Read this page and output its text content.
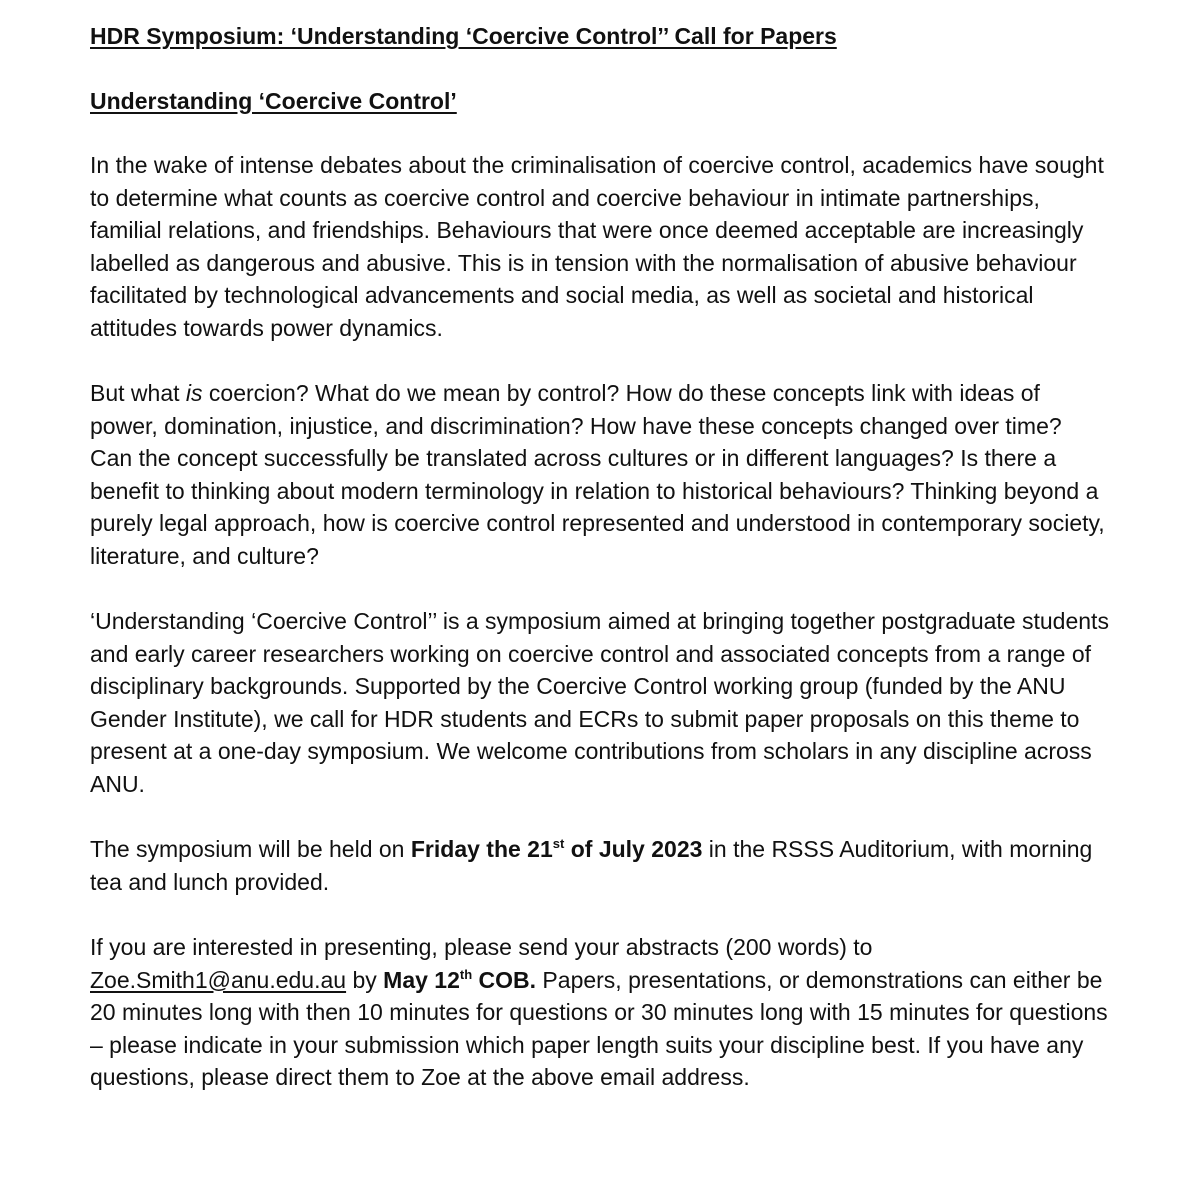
HDR Symposium: ‘Understanding ‘Coercive Control’’ Call for Papers

Understanding ‘Coercive Control’

In the wake of intense debates about the criminalisation of coercive control, academics have sought to determine what counts as coercive control and coercive behaviour in intimate partnerships, familial relations, and friendships. Behaviours that were once deemed acceptable are increasingly labelled as dangerous and abusive. This is in tension with the normalisation of abusive behaviour facilitated by technological advancements and social media, as well as societal and historical attitudes towards power dynamics.

But what is coercion? What do we mean by control? How do these concepts link with ideas of power, domination, injustice, and discrimination? How have these concepts changed over time? Can the concept successfully be translated across cultures or in different languages? Is there a benefit to thinking about modern terminology in relation to historical behaviours? Thinking beyond a purely legal approach, how is coercive control represented and understood in contemporary society, literature, and culture?

‘Understanding ‘Coercive Control’’ is a symposium aimed at bringing together postgraduate students and early career researchers working on coercive control and associated concepts from a range of disciplinary backgrounds. Supported by the Coercive Control working group (funded by the ANU Gender Institute), we call for HDR students and ECRs to submit paper proposals on this theme to present at a one-day symposium. We welcome contributions from scholars in any discipline across ANU.

The symposium will be held on Friday the 21st of July 2023 in the RSSS Auditorium, with morning tea and lunch provided.

If you are interested in presenting, please send your abstracts (200 words) to Zoe.Smith1@anu.edu.au by May 12th COB. Papers, presentations, or demonstrations can either be 20 minutes long with then 10 minutes for questions or 30 minutes long with 15 minutes for questions – please indicate in your submission which paper length suits your discipline best. If you have any questions, please direct them to Zoe at the above email address.
